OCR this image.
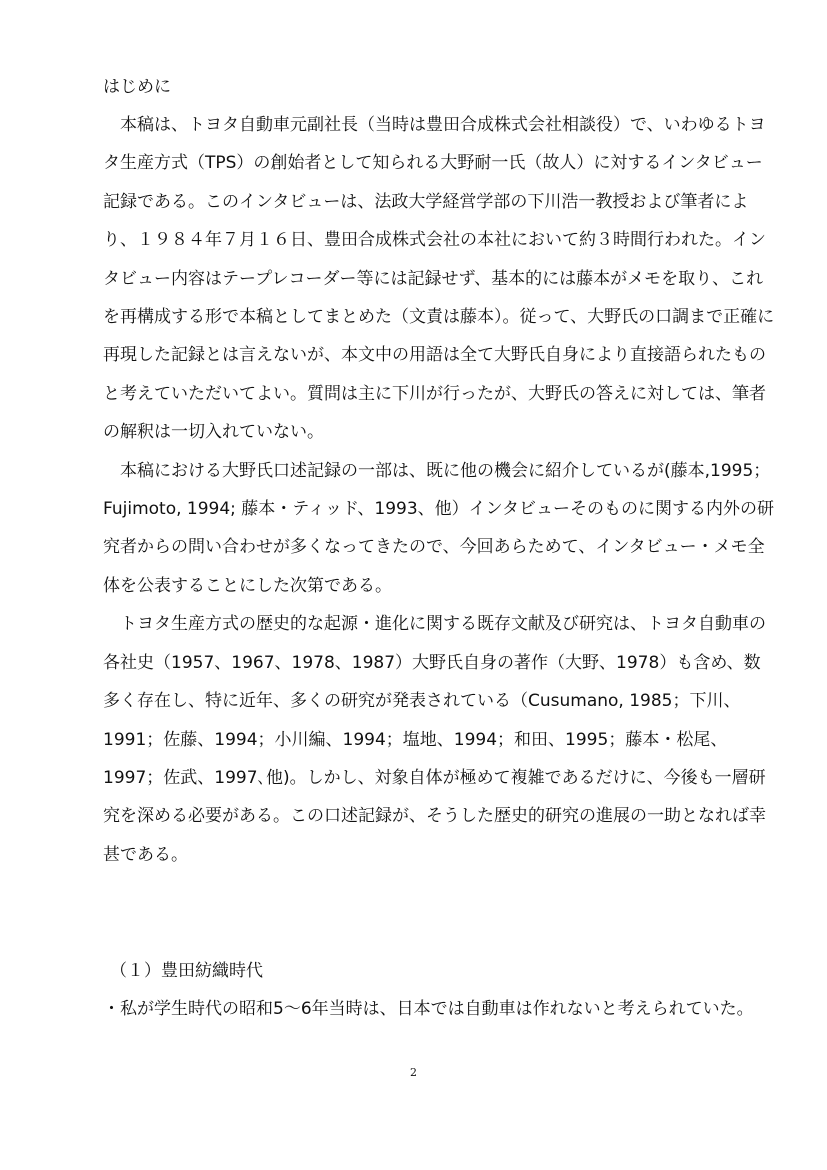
はじめに

本稿は、トヨタ自動車元副社長（当時は豊田合成株式会社相談役）で、いわゆるトヨタ生産方式（TPS）の創始者として知られる大野耐一氏（故人）に対するインタビュー記録である。このインタビューは、法政大学経営学部の下川浩一教授および筆者により、１９８４年７月１６日、豊田合成株式会社の本社において約３時間行われた。インタビュー内容はテープレコーダー等には記録せず、基本的には藤本がメモを取り、これを再構成する形で本稿としてまとめた（文責は藤本）。従って、大野氏の口調まで正確に再現した記録とは言えないが、本文中の用語は全て大野氏自身により直接語られたものと考えていただいてよい。質問は主に下川が行ったが、大野氏の答えに対しては、筆者の解釈は一切入れていない。

本稿における大野氏口述記録の一部は、既に他の機会に紹介しているが(藤本,1995；Fujimoto, 1994; 藤本・ティッド、1993、他）インタビューそのものに関する内外の研究者からの問い合わせが多くなってきたので、今回あらためて、インタビュー・メモ全体を公表することにした次第である。

トヨタ生産方式の歴史的な起源・進化に関する既存文献及び研究は、トヨタ自動車の各社史（1957、1967、1978、1987）大野氏自身の著作（大野、1978）も含め、数多く存在し、特に近年、多くの研究が発表されている（Cusumano, 1985；下川、1991；佐藤、1994；小川編、1994；塩地、1994；和田、1995；藤本・松尾、1997；佐武、1997､他)。しかし、対象自体が極めて複雑であるだけに、今後も一層研究を深める必要がある。この口述記録が、そうした歴史的研究の進展の一助となれば幸甚である。

（１）豊田紡織時代
・私が学生時代の昭和5～6年当時は、日本では自動車は作れないと考えられていた。
2
